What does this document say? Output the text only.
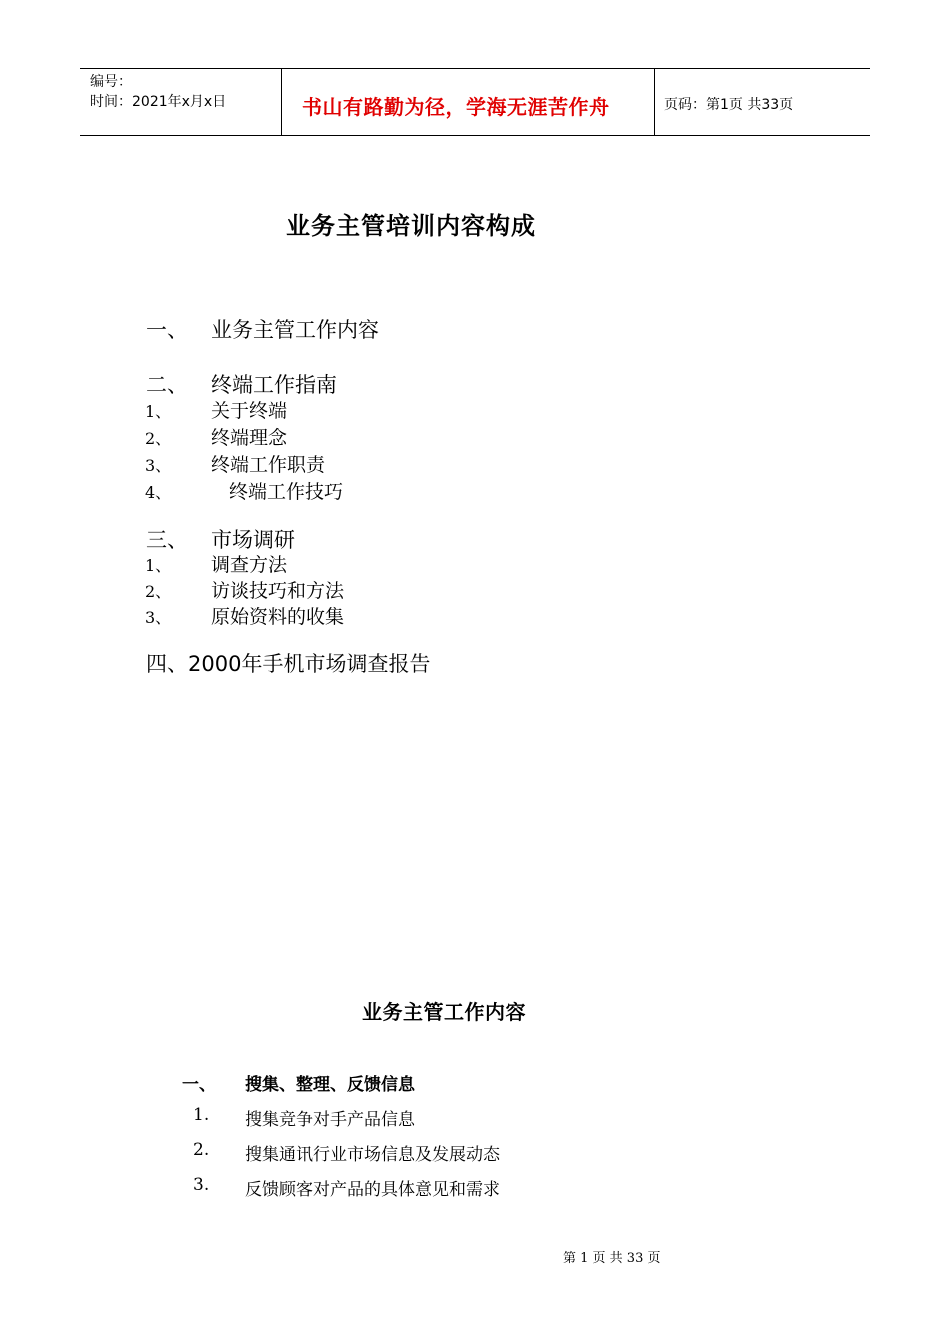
编号：
时间：2021年x月x日	书山有路勤为径，学海无涯苦作舟	页码：第1页 共33页
业务主管培训内容构成
一、 业务主管工作内容
二、 终端工作指南
1、 关于终端
2、 终端理念
3、 终端工作职责
4、	终端工作技巧
三、 市场调研
1、 调查方法
2、 访谈技巧和方法
3、 原始资料的收集
四、2000年手机市场调查报告
业务主管工作内容
一、 搜集、整理、反馈信息
1. 搜集竞争对手产品信息
2. 搜集通讯行业市场信息及发展动态
3. 反馈顾客对产品的具体意见和需求
第 1 页 共 33 页
